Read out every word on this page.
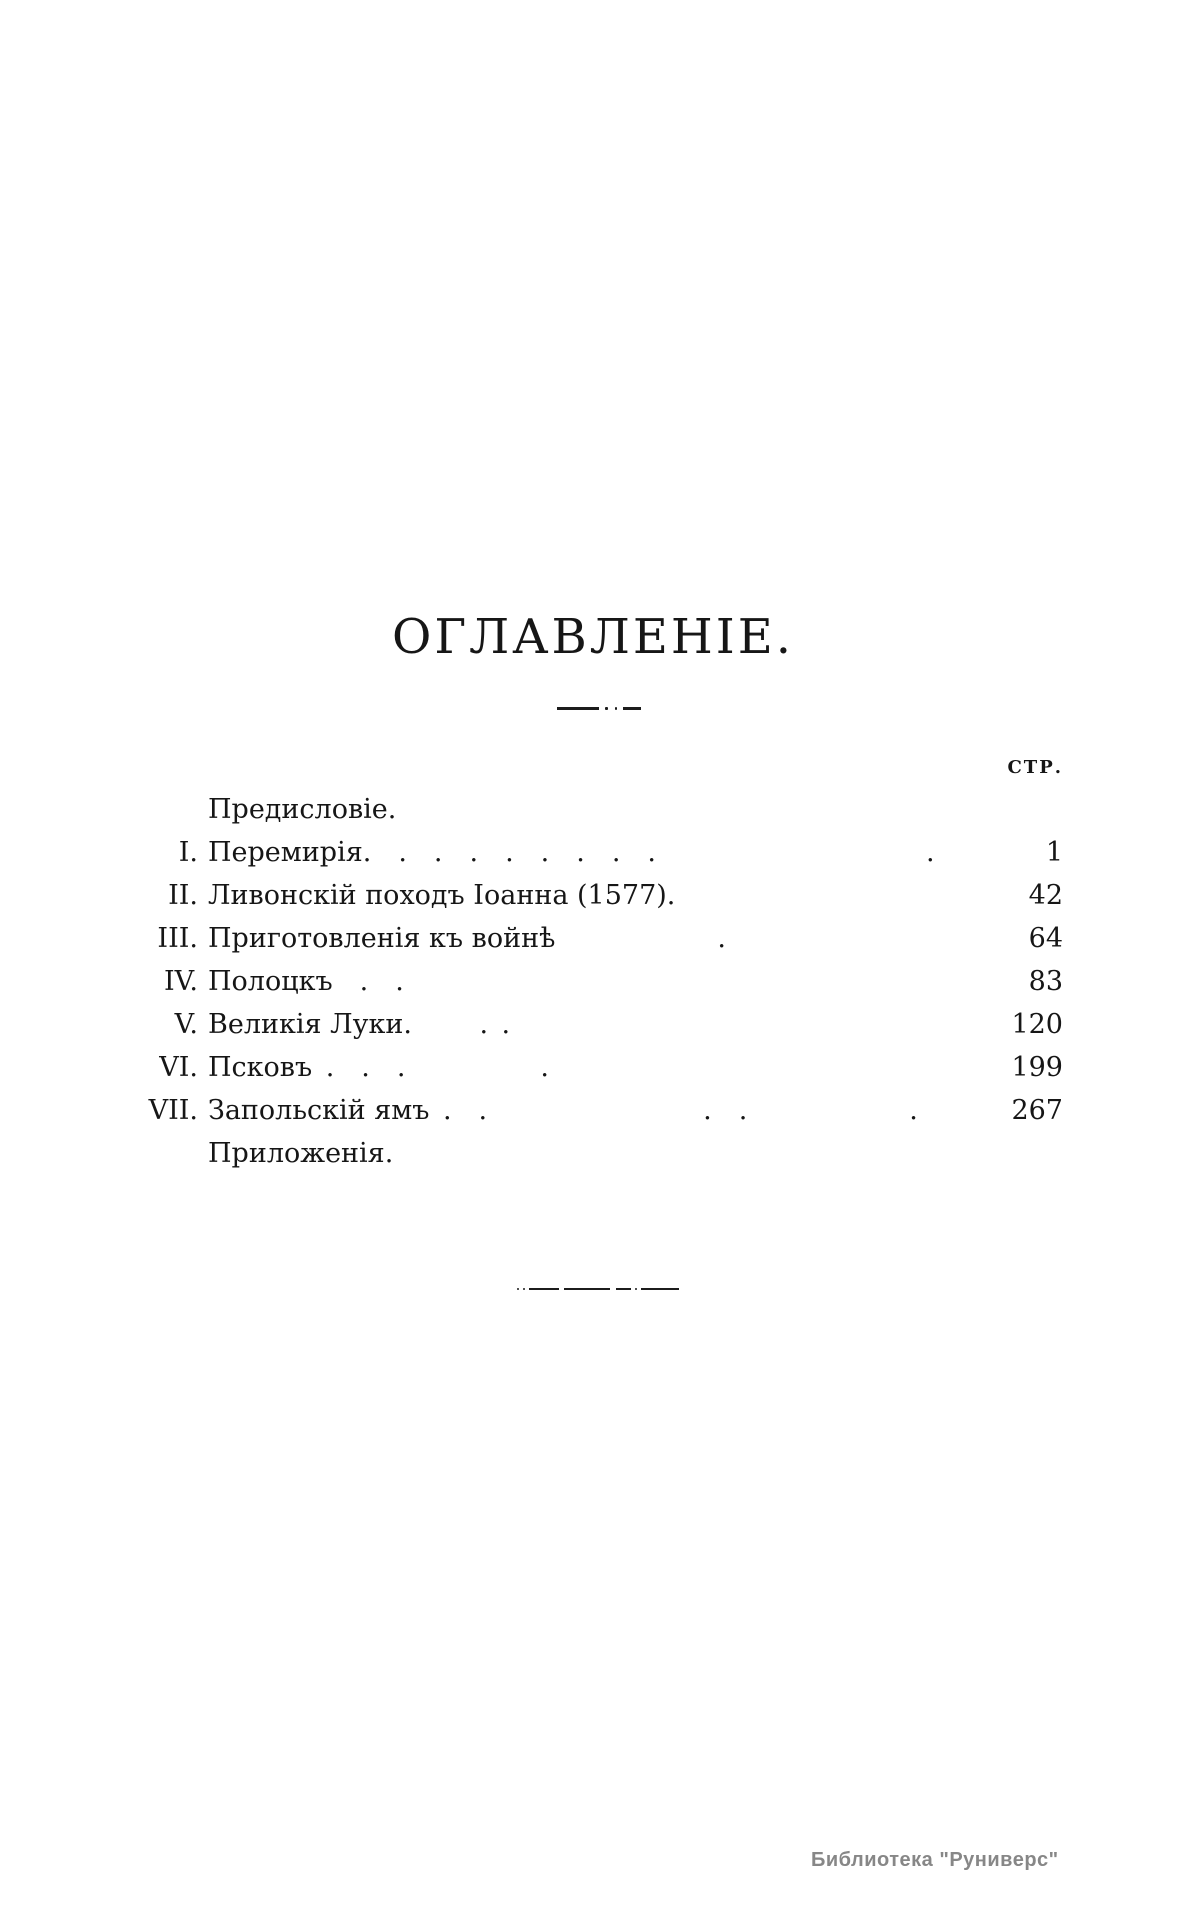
ОГЛАВЛЕНІЕ.
СТР.
Предисловіе.
I. Перемирія . . . . . . . . .          .	1
II. Ливонскій походъ Іоанна (1577).	42
III. Приготовленія къ войнѣ       .	64
IV. Полоцкъ  .  .	83
V. Великія Луки.    . .	120
VI. Псковъ  . .  .     .	199
VII. Запольскій ямъ  . .        .  .      .	267
Приложенія.
Библиотека "Руниверс"
